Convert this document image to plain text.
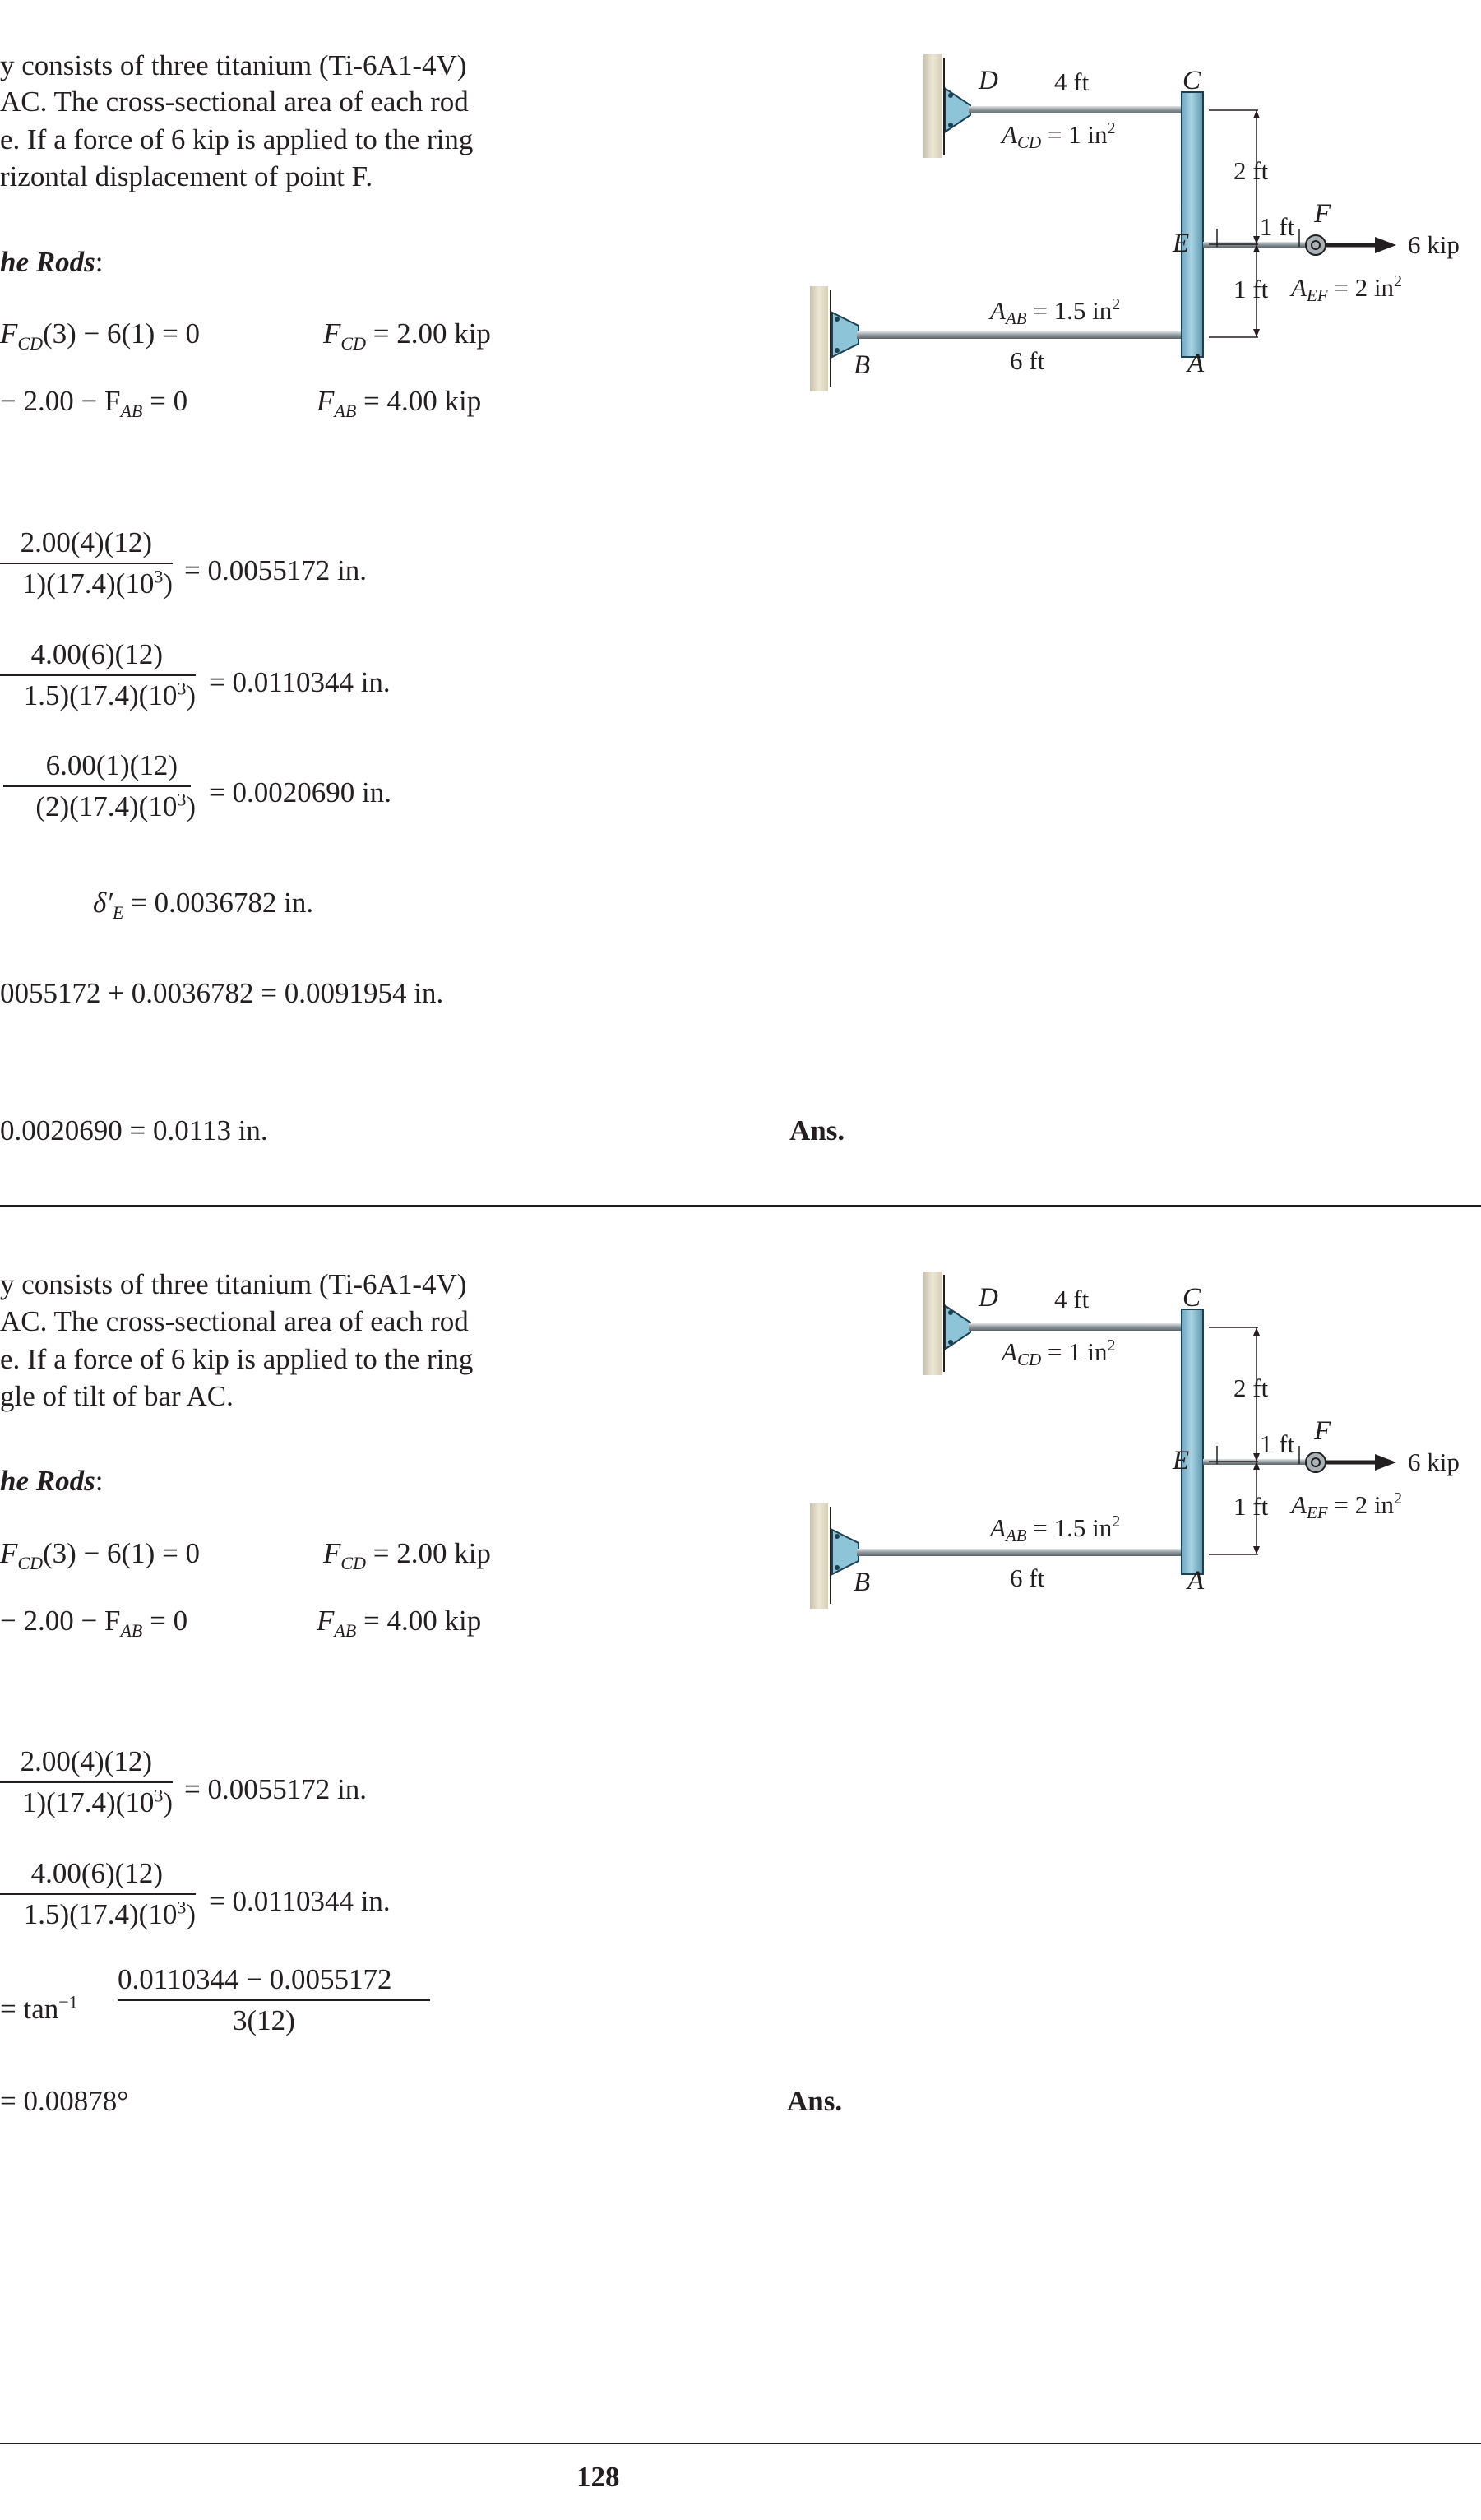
y consists of three titanium (Ti-6A1-4V)
AC. The cross-sectional area of each rod
e. If a force of 6 kip is applied to the ring
rizontal displacement of point F.
he Rods:
$F_{CD}(3) - 6(1) = 0$	$F_{CD} = 2.00$ kip
− $2.00 - F_{AB} = 0$	$F_{AB} = 4.00$ kip
2.00(4)(12)
$1)(17.4)(10^3) = 0.0055172$ in.
4.00(6)(12)
$1.5)(17.4)(10^3) = 0.0110344$ in.
6.00(1)(12)
$(2)(17.4)(10^3) = 0.0020690$ in.
$\delta'_E = 0.0036782$ in.
0055172 + 0.0036782 = 0.0091954 in.
0.0020690 = 0.0113 in.	Ans.
y consists of three titanium (Ti-6A1-4V)
AC. The cross-sectional area of each rod
e. If a force of 6 kip is applied to the ring
gle of tilt of bar AC.
he Rods:
$F_{CD}(3) - 6(1) = 0$	$F_{CD} = 2.00$ kip
− $2.00 - F_{AB} = 0$	$F_{AB} = 4.00$ kip
2.00(4)(12)
$1)(17.4)(10^3) = 0.0055172$ in.
4.00(6)(12)
$1.5)(17.4)(10^3) = 0.0110344$ in.
= $\tan^{-1}$
0.0110344 − 0.0055172
3(12)
= 0.00878°	Ans.
128
D 4 ft	C
ACD = 1 $in^2$
2 ft
1 ft F
E	6 kip
1 ft AEF = 2 $in^2$
AAB = 1.5 $in^2$
6 ft
B	A
D 4 ft	C
ACD = 1 $in^2$
2 ft
1 ft F
E	6 kip
1 ft AEF = 2 $in^2$
AAB = 1.5 $in^2$
6 ft
B	A
